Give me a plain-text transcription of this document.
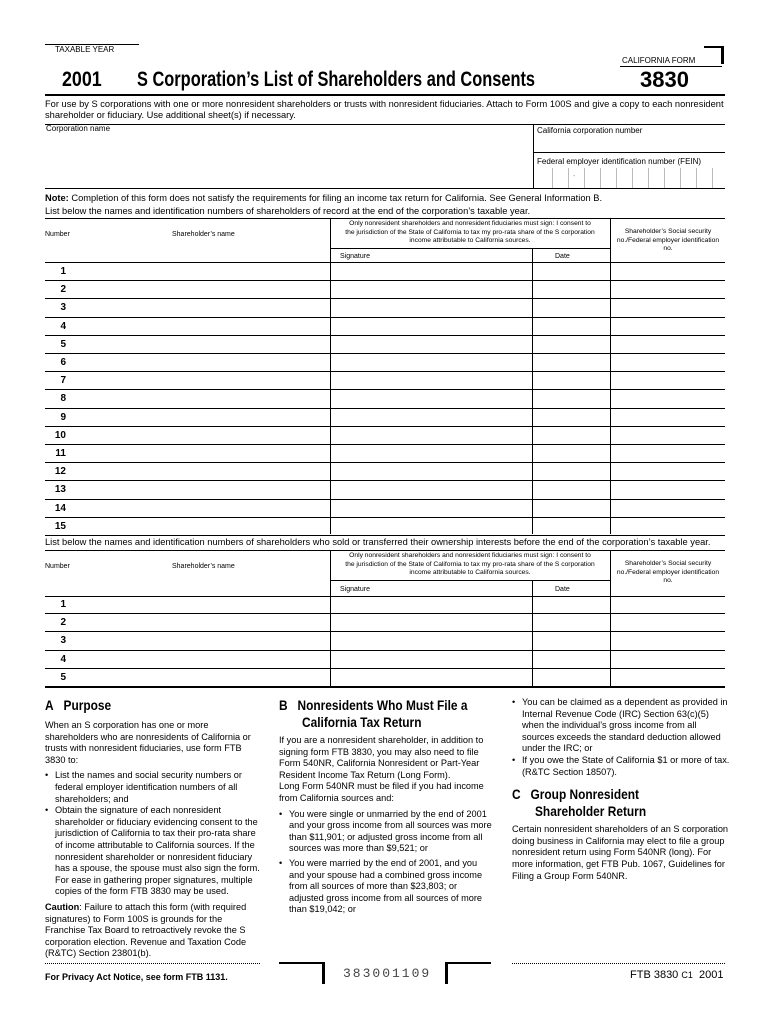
TAXABLE YEAR
CALIFORNIA FORM
2001 S Corporation’s List of Shareholders and Consents	3830
For use by S corporations with one or more nonresident shareholders or trusts with nonresident fiduciaries. Attach to Form 100S and give a copy to each nonresident shareholder or fiduciary. Use additional sheet(s) if necessary.
Corporation name	California corporation number
Federal employer identification number (FEIN)
-
Note: Completion of this form does not satisfy the requirements for filing an income tax return for California. See General Information B.
List below the names and identification numbers of shareholders of record at the end of the corporation’s taxable year.
Number	Shareholder’s name
Only nonresident shareholders and nonresident fiduciaries must sign: I consent to the jurisdiction of the State of California to tax my pro-rata share of the S corporation income attributable to California sources.
Signature	Date
Shareholder’s Social security no./Federal employer identification no.
1
2
3
4
5
6
7
8
9
10
11
12
13
14
15
List below the names and identification numbers of shareholders who sold or transferred their ownership interests before the end of the corporation’s taxable year.
Number	Shareholder’s name
Only nonresident shareholders and nonresident fiduciaries must sign: I consent to the jurisdiction of the State of California to tax my pro-rata share of the S corporation income attributable to California sources.
Signature	Date
Shareholder’s Social security no./Federal employer identification no.
1
2
3
4
5
A Purpose
When an S corporation has one or more shareholders who are nonresidents of California or trusts with nonresident fiduciaries, use form FTB 3830 to:
• List the names and social security numbers or federal employer identification numbers of all shareholders; and
• Obtain the signature of each nonresident shareholder or fiduciary evidencing consent to the jurisdiction of California to tax their pro-rata share of income attributable to California sources. If the nonresident shareholder or nonresident fiduciary has a spouse, the spouse must also sign the form. For ease in gathering proper signatures, multiple copies of the form FTB 3830 may be used.
Caution: Failure to attach this form (with required signatures) to Form 100S is grounds for the Franchise Tax Board to retroactively revoke the S corporation election. Revenue and Taxation Code (R&TC) Section 23801(b).
B Nonresidents Who Must File a
California Tax Return
If you are a nonresident shareholder, in addition to signing form FTB 3830, you may also need to file Form 540NR, California Nonresident or Part-Year Resident Income Tax Return (Long Form).
Long Form 540NR must be filed if you had income from California sources and:
• You were single or unmarried by the end of 2001 and your gross income from all sources was more than $11,901; or adjusted gross income from all sources was more than $9,521; or
• You were married by the end of 2001, and you and your spouse had a combined gross income from all sources of more than $23,803; or adjusted gross income from all sources of more than $19,042; or
• You can be claimed as a dependent as provided in Internal Revenue Code (IRC) Section 63(c)(5) when the individual’s gross income from all sources exceeds the standard deduction allowed under the IRC; or
• If you owe the State of California $1 or more of tax. (R&TC Section 18507).
C Group Nonresident
Shareholder Return
Certain nonresident shareholders of an S corporation doing business in California may elect to file a group nonresident return using Form 540NR (long). For more information, get FTB Pub. 1067, Guidelines for Filing a Group Form 540NR.
For Privacy Act Notice, see form FTB 1131.	383001109	FTB 3830 C1 2001
